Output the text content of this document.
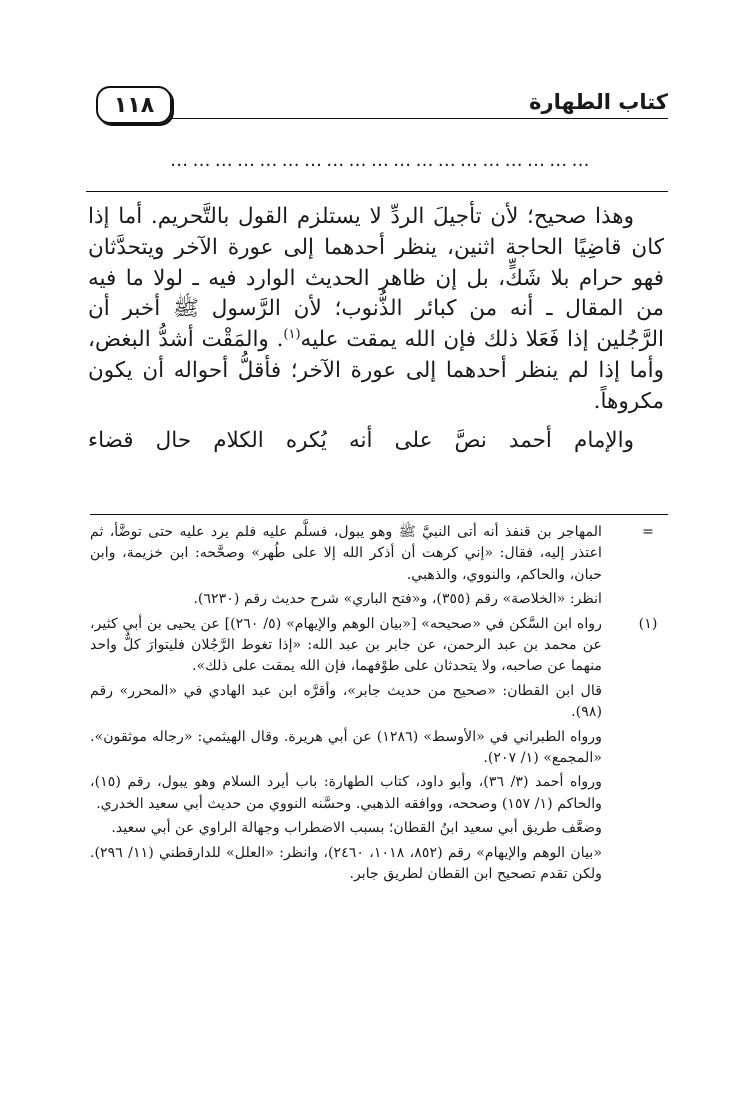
١١٨	كتاب الطهارة
…………………………………………………

وهذا صحيح؛ لأن تأجيلَ الردِّ لا يستلزم القول بالتَّحريم. أما إذا كان قاضِيًا الحاجة اثنين، ينظر أحدهما إلى عورة الآخر ويتحدَّثان فهو حرام بلا شَكٍّ، بل إن ظاهر الحديث الوارد فيه ـ لولا ما فيه من المقال ـ أنه من كبائر الذُّنوب؛ لأن الرَّسول ﷺ أخبر أن الرَّجُلين إذا فَعَلا ذلك فإن الله يمقت عليه$^{(١)}$. والمَقْت أشدُّ البغض، وأما إذا لم ينظر أحدهما إلى عورة الآخر؛ فأقلُّ أحواله أن يكون مكروهاً.

والإمام أحمد نصَّ على أنه يُكره الكلام حال قضاء

=

المهاجر بن قنفذ أنه أتى النبيَّ ﷺ وهو يبول، فسلَّم عليه فلم يرد عليه حتى توضَّأ، ثم اعتذر إليه، فقال: «إني كرهت أن أذكر الله إلا على طُهر» وصحَّحه: ابن خزيمة، وابن حبان، والحاكم، والنووي، والذهبي.

انظر: «الخلاصة» رقم (٣٥٥)، و«فتح الباري» شرح حديث رقم (٦٢٣٠).

(١)

رواه ابن السَّكن في «صحيحه» [«بيان الوهم والإيهام» (٥/ ٢٦٠)] عن يحيى بن أبي كثير، عن محمد بن عبد الرحمن، عن جابر بن عبد الله: «إذا تغوط الرَّجُلان فليتوارَ كلٌّ واحد منهما عن صاحبه، ولا يتحدثان على طوْفهما، فإن الله يمقت على ذلك».

قال ابن القطان: «صحيح من حديث جابر»، وأقرَّه ابن عبد الهادي في «المحرر» رقم (٩٨).

ورواه الطبراني في «الأوسط» (١٢٨٦) عن أبي هريرة. وقال الهيثمي: «رجاله موثقون». «المجمع» (١/ ٢٠٧).

ورواه أحمد (٣/ ٣٦)، وأبو داود، كتاب الطهارة: باب أيرد السلام وهو يبول، رقم (١٥)، والحاكم (١/ ١٥٧) وصححه، ووافقه الذهبي. وحسَّنه النووي من حديث أبي سعيد الخدري.

وضعَّف طريق أبي سعيد ابنُ القطان؛ بسبب الاضطراب وجهالة الراوي عن أبي سعيد.

«بيان الوهم والإيهام» رقم (٨٥٢، ١٠١٨، ٢٤٦٠)، وانظر: «العلل» للدارقطني (١١/ ٢٩٦). ولكن تقدم تصحيح ابن القطان لطريق جابر.
